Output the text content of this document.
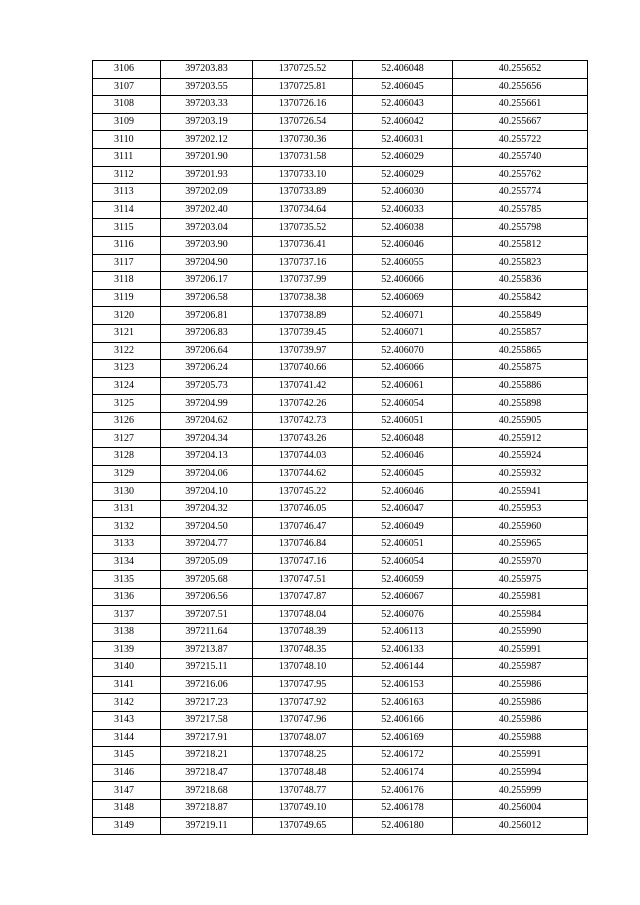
3106	397203.83	1370725.52	52.406048	40.255652
3107	397203.55	1370725.81	52.406045	40.255656
3108	397203.33	1370726.16	52.406043	40.255661
3109	397203.19	1370726.54	52.406042	40.255667
3110	397202.12	1370730.36	52.406031	40.255722
3111	397201.90	1370731.58	52.406029	40.255740
3112	397201.93	1370733.10	52.406029	40.255762
3113	397202.09	1370733.89	52.406030	40.255774
3114	397202.40	1370734.64	52.406033	40.255785
3115	397203.04	1370735.52	52.406038	40.255798
3116	397203.90	1370736.41	52.406046	40.255812
3117	397204.90	1370737.16	52.406055	40.255823
3118	397206.17	1370737.99	52.406066	40.255836
3119	397206.58	1370738.38	52.406069	40.255842
3120	397206.81	1370738.89	52.406071	40.255849
3121	397206.83	1370739.45	52.406071	40.255857
3122	397206.64	1370739.97	52.406070	40.255865
3123	397206.24	1370740.66	52.406066	40.255875
3124	397205.73	1370741.42	52.406061	40.255886
3125	397204.99	1370742.26	52.406054	40.255898
3126	397204.62	1370742.73	52.406051	40.255905
3127	397204.34	1370743.26	52.406048	40.255912
3128	397204.13	1370744.03	52.406046	40.255924
3129	397204.06	1370744.62	52.406045	40.255932
3130	397204.10	1370745.22	52.406046	40.255941
3131	397204.32	1370746.05	52.406047	40.255953
3132	397204.50	1370746.47	52.406049	40.255960
3133	397204.77	1370746.84	52.406051	40.255965
3134	397205.09	1370747.16	52.406054	40.255970
3135	397205.68	1370747.51	52.406059	40.255975
3136	397206.56	1370747.87	52.406067	40.255981
3137	397207.51	1370748.04	52.406076	40.255984
3138	397211.64	1370748.39	52.406113	40.255990
3139	397213.87	1370748.35	52.406133	40.255991
3140	397215.11	1370748.10	52.406144	40.255987
3141	397216.06	1370747.95	52.406153	40.255986
3142	397217.23	1370747.92	52.406163	40.255986
3143	397217.58	1370747.96	52.406166	40.255986
3144	397217.91	1370748.07	52.406169	40.255988
3145	397218.21	1370748.25	52.406172	40.255991
3146	397218.47	1370748.48	52.406174	40.255994
3147	397218.68	1370748.77	52.406176	40.255999
3148	397218.87	1370749.10	52.406178	40.256004
3149	397219.11	1370749.65	52.406180	40.256012
